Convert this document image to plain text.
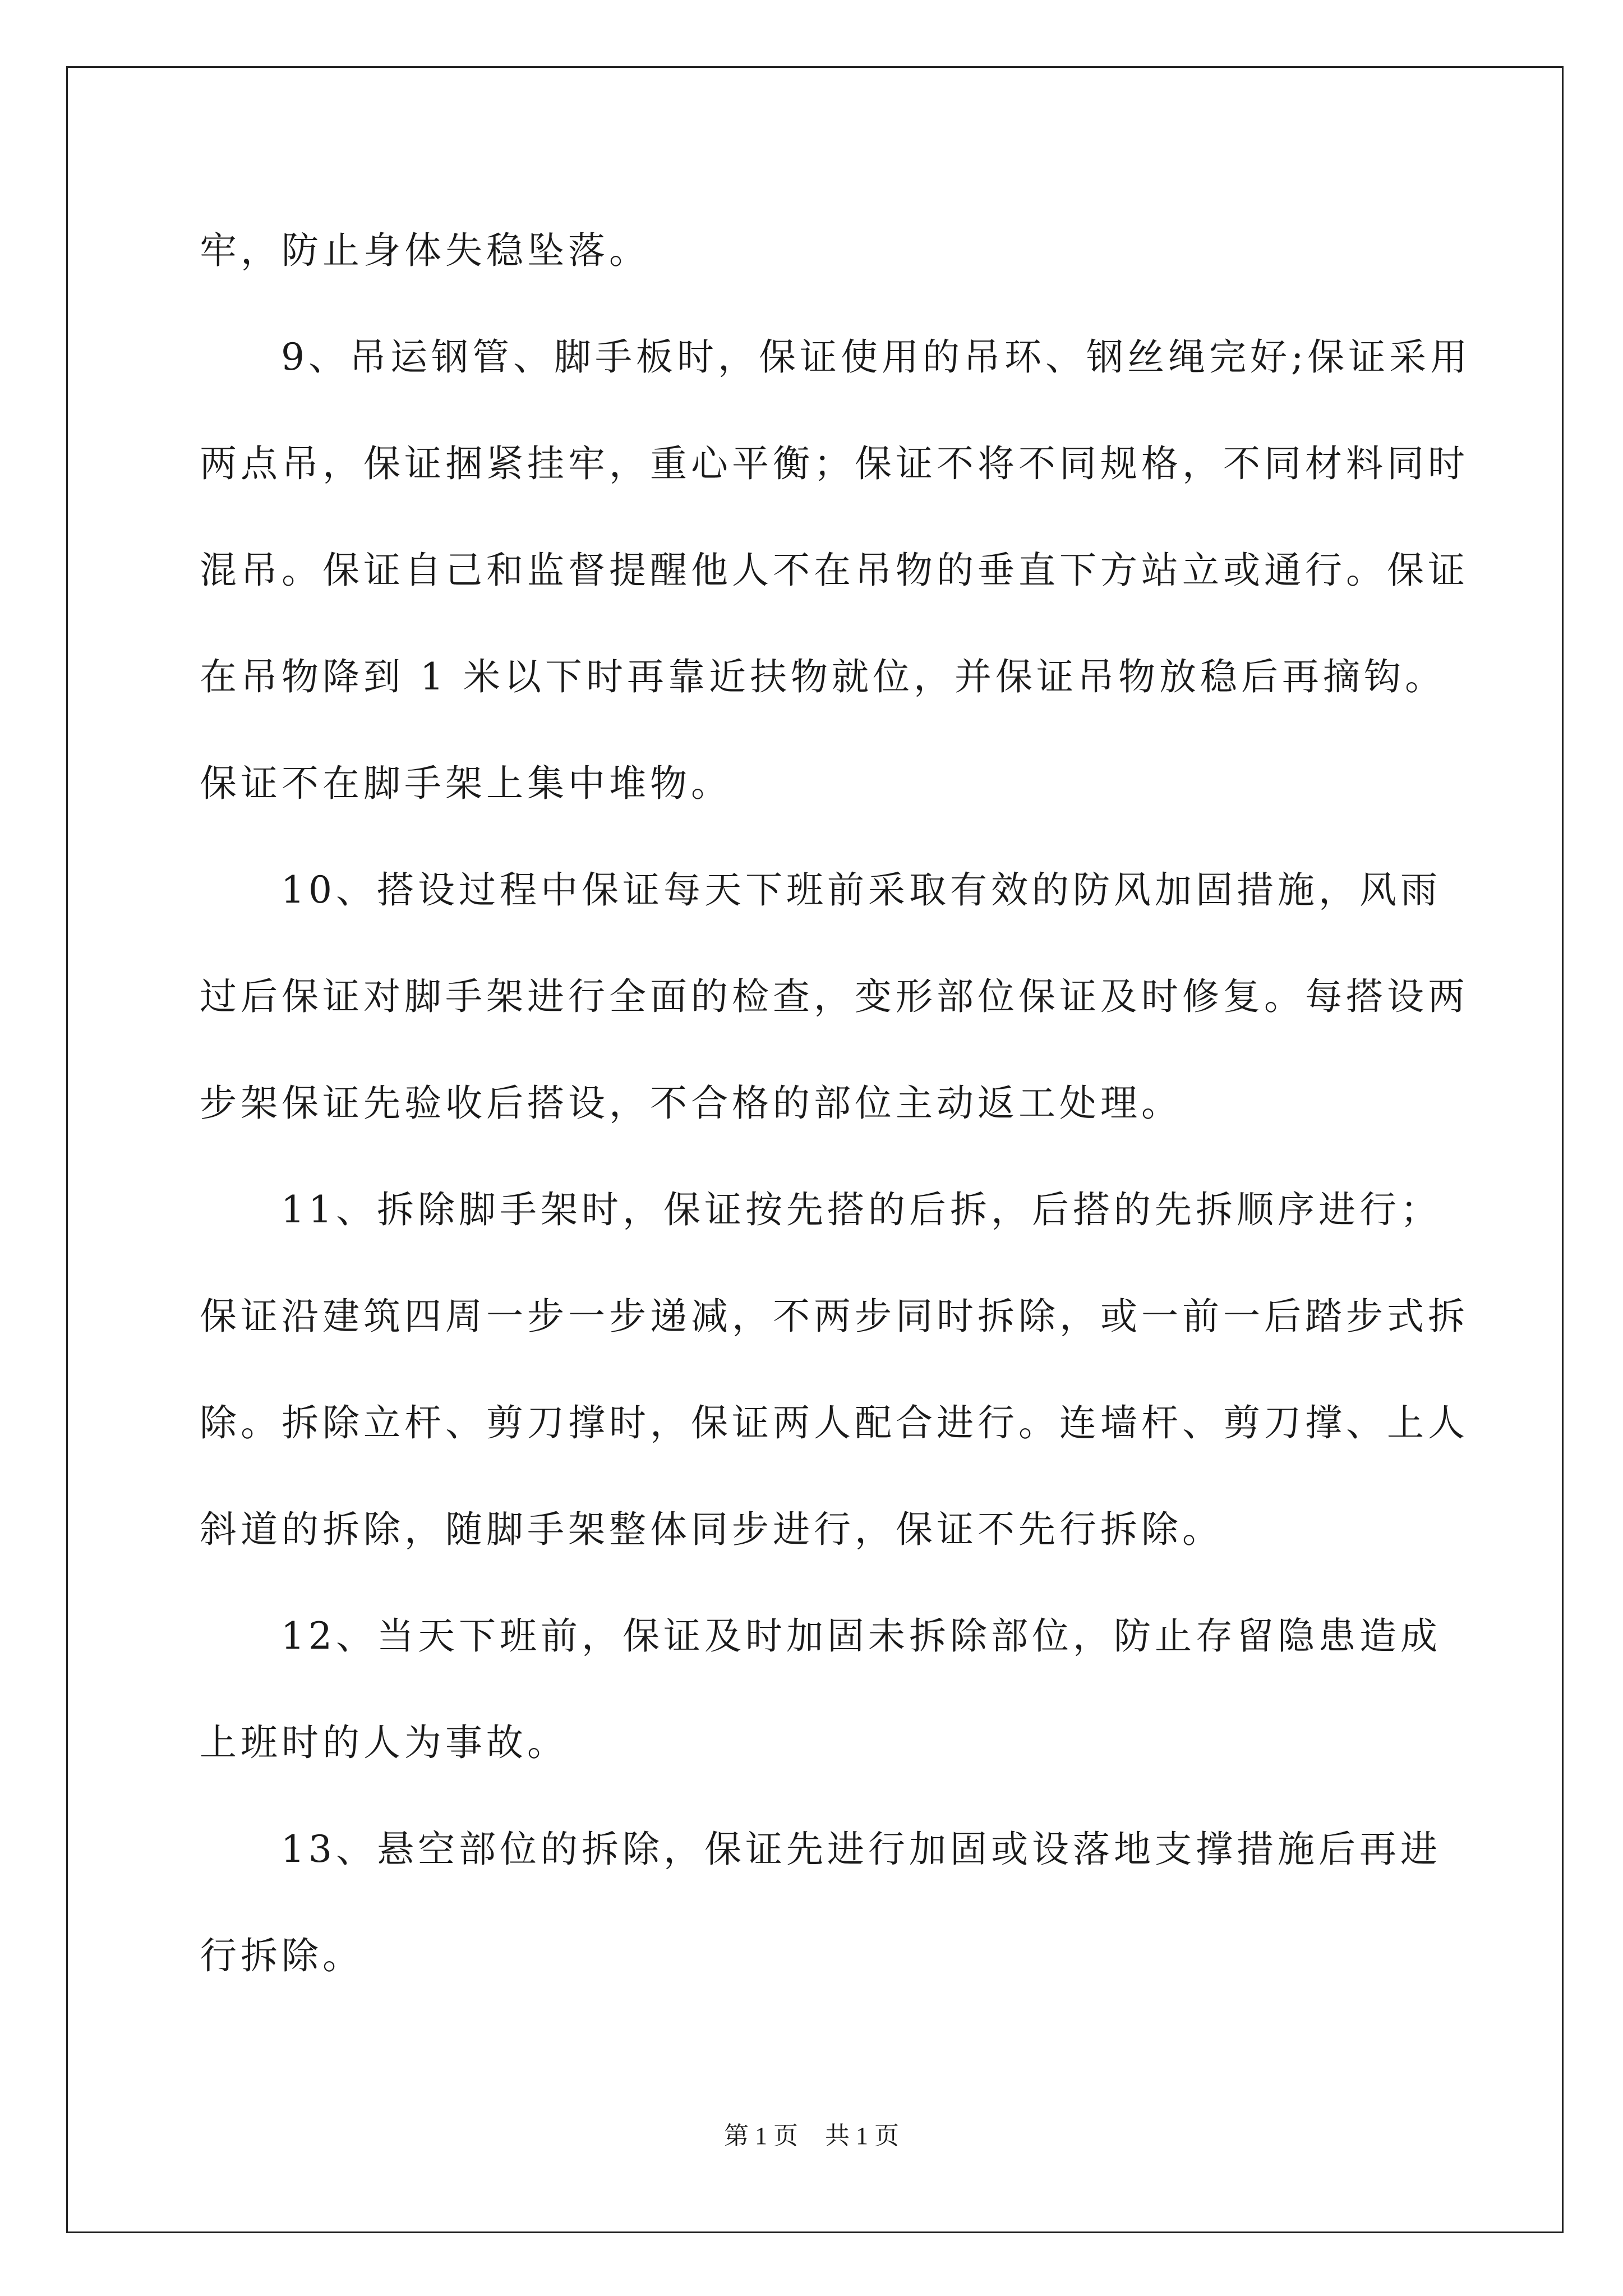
牢，防止身体失稳坠落。

9、吊运钢管、脚手板时，保证使用的吊环、钢丝绳完好;保证采用两点吊，保证捆紧挂牢，重心平衡；保证不将不同规格，不同材料同时混吊。保证自己和监督提醒他人不在吊物的垂直下方站立或通行。保证在吊物降到 1 米以下时再靠近扶物就位，并保证吊物放稳后再摘钩。保证不在脚手架上集中堆物。

10、搭设过程中保证每天下班前采取有效的防风加固措施，风雨过后保证对脚手架进行全面的检查，变形部位保证及时修复。每搭设两步架保证先验收后搭设，不合格的部位主动返工处理。

11、拆除脚手架时，保证按先搭的后拆，后搭的先拆顺序进行；保证沿建筑四周一步一步递减，不两步同时拆除，或一前一后踏步式拆除。拆除立杆、剪刀撑时，保证两人配合进行。连墙杆、剪刀撑、上人斜道的拆除，随脚手架整体同步进行，保证不先行拆除。

12、当天下班前，保证及时加固未拆除部位，防止存留隐患造成上班时的人为事故。

13、悬空部位的拆除，保证先进行加固或设落地支撑措施后再进行拆除。

第 1 页 共 1 页
